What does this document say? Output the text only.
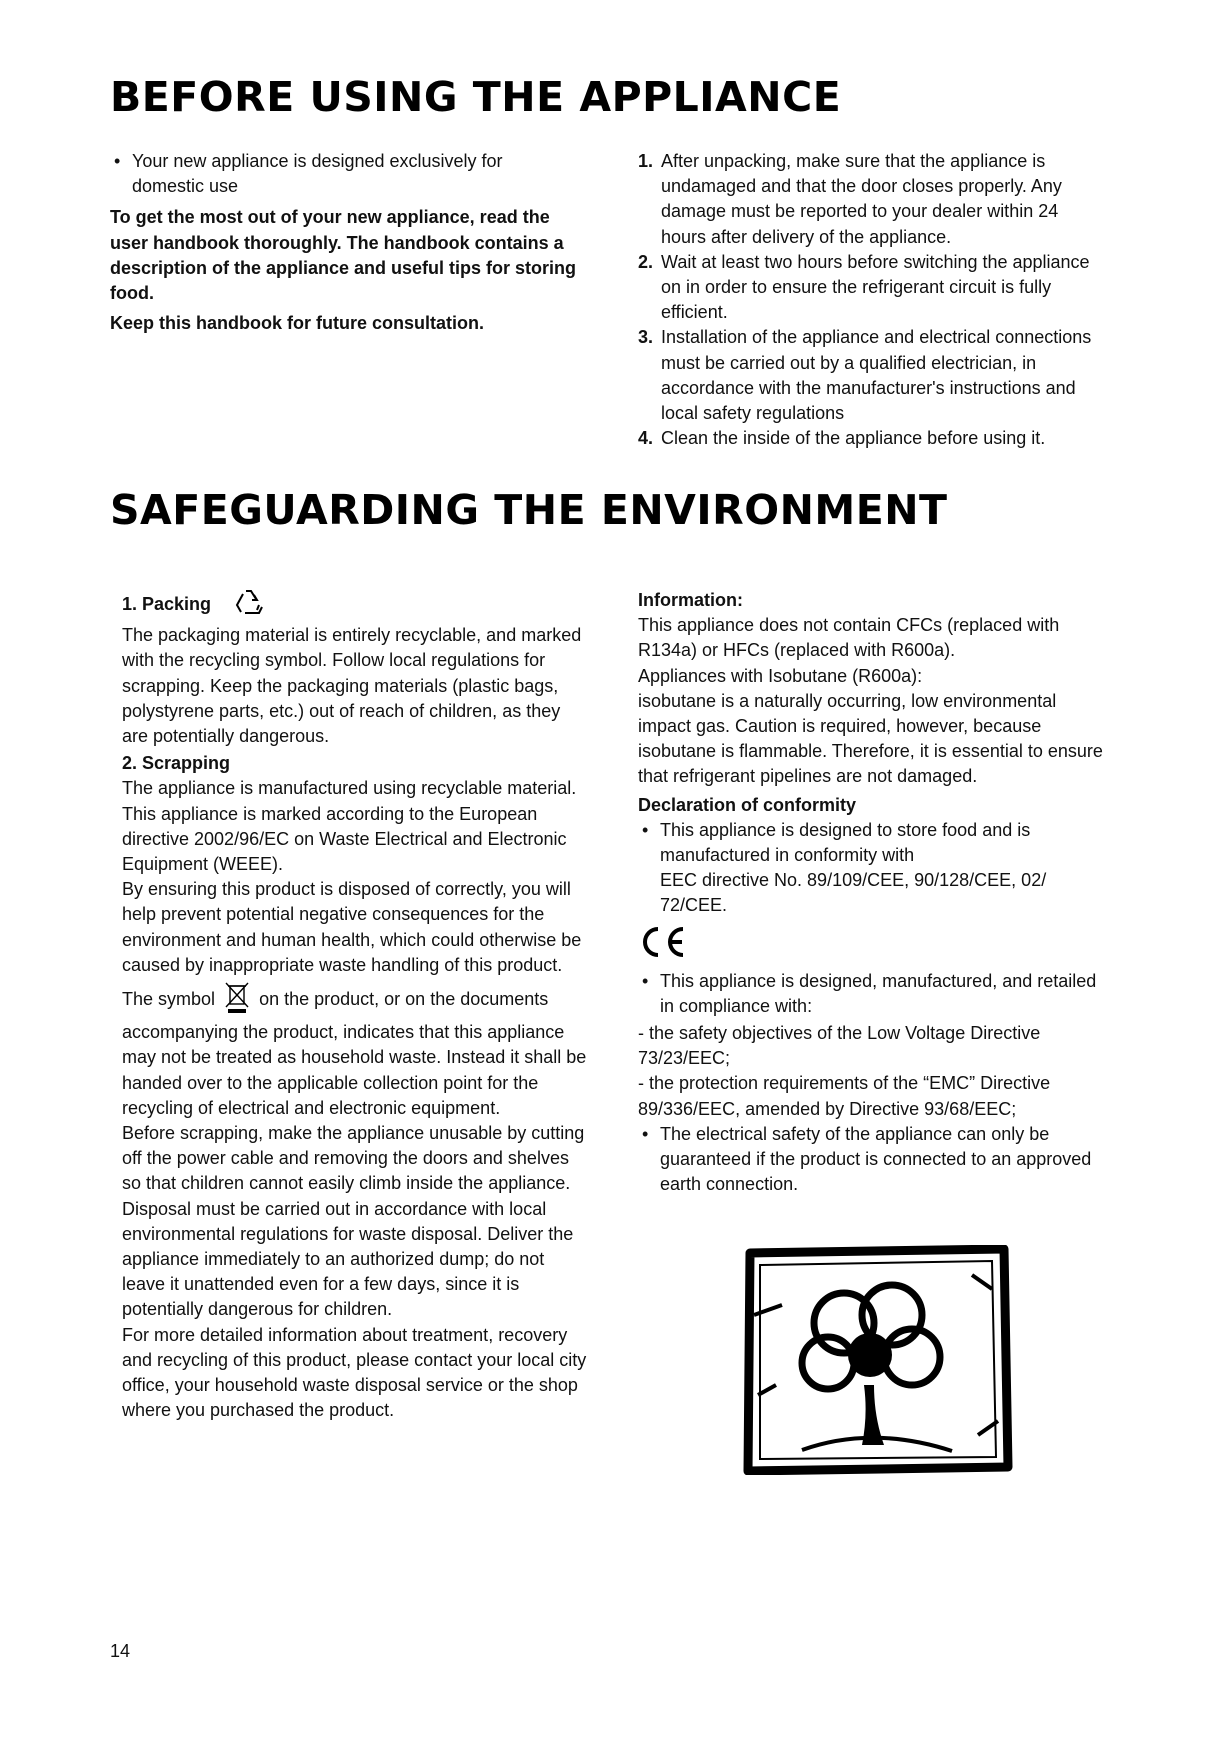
BEFORE USING THE APPLIANCE

• Your new appliance is designed exclusively for domestic use

To get the most out of your new appliance, read the user handbook thoroughly. The handbook contains a description of the appliance and useful tips for storing food.

Keep this handbook for future consultation.

1. After unpacking, make sure that the appliance is undamaged and that the door closes properly. Any damage must be reported to your dealer within 24 hours after delivery of the appliance.

2. Wait at least two hours before switching the appliance on in order to ensure the refrigerant circuit is fully efficient.

3. Installation of the appliance and electrical connections must be carried out by a qualified electrician, in accordance with the manufacturer's instructions and local safety regulations

4. Clean the inside of the appliance before using it.

SAFEGUARDING THE ENVIRONMENT

1. Packing

The packaging material is entirely recyclable, and marked with the recycling symbol. Follow local regulations for scrapping. Keep the packaging materials (plastic bags, polystyrene parts, etc.) out of reach of children, as they are potentially dangerous.

2. Scrapping

The appliance is manufactured using recyclable material.

This appliance is marked according to the European directive 2002/96/EC on Waste Electrical and Electronic Equipment (WEEE).

By ensuring this product is disposed of correctly, you will help prevent potential negative consequences for the environment and human health, which could otherwise be caused by inappropriate waste handling of this product.

The symbol on the product, or on the documents accompanying the product, indicates that this appliance may not be treated as household waste. Instead it shall be handed over to the applicable collection point for the recycling of electrical and electronic equipment.

Before scrapping, make the appliance unusable by cutting off the power cable and removing the doors and shelves so that children cannot easily climb inside the appliance.

Disposal must be carried out in accordance with local environmental regulations for waste disposal. Deliver the appliance immediately to an authorized dump; do not leave it unattended even for a few days, since it is potentially dangerous for children.

For more detailed information about treatment, recovery and recycling of this product, please contact your local city office, your household waste disposal service or the shop where you purchased the product.

Information:

This appliance does not contain CFCs (replaced with R134a) or HFCs (replaced with R600a).

Appliances with Isobutane (R600a):

isobutane is a naturally occurring, low environmental impact gas. Caution is required, however, because isobutane is flammable. Therefore, it is essential to ensure that refrigerant pipelines are not damaged.

Declaration of conformity

• This appliance is designed to store food and is manufactured in conformity with

EEC directive No. 89/109/CEE, 90/128/CEE, 02/ 72/CEE.

• This appliance is designed, manufactured, and retailed in compliance with:

- the safety objectives of the Low Voltage Directive 73/23/EEC;

- the protection requirements of the “EMC” Directive 89/336/EEC, amended by Directive 93/68/EEC;

• The electrical safety of the appliance can only be guaranteed if the product is connected to an approved earth connection.

14
